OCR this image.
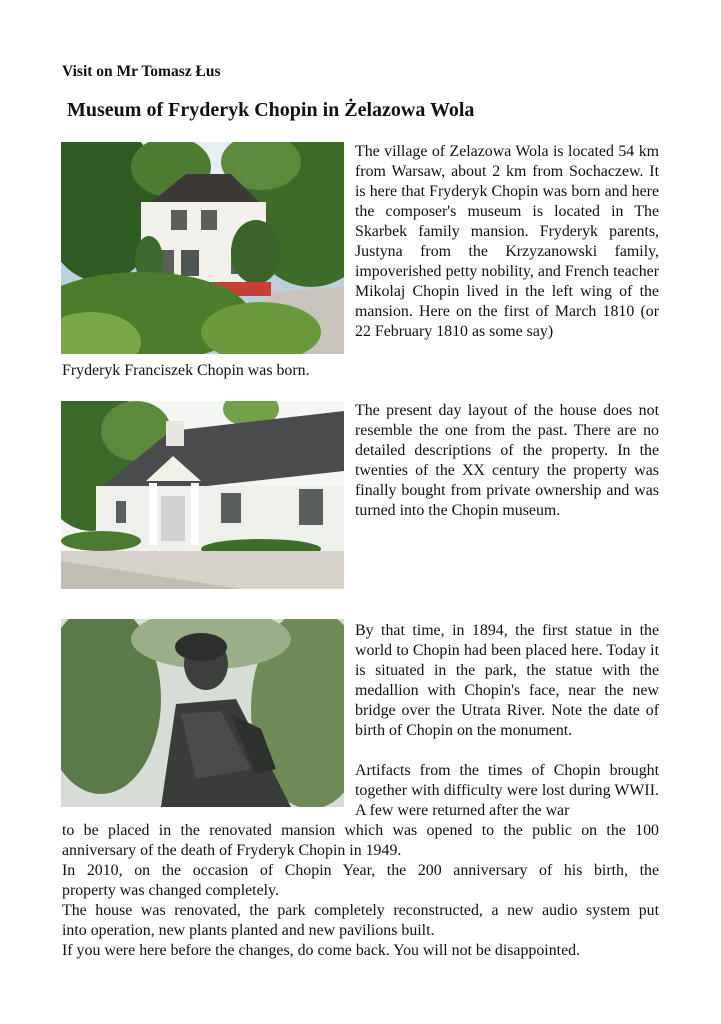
Visit on Mr Tomasz Łus
Museum of Fryderyk Chopin in Żelazowa Wola

The village of Zelazowa Wola is located 54 km from Warsaw, about 2 km from Sochaczew. It is here that Fryderyk Chopin was born and here the composer's museum is located in The Skarbek family mansion. Fryderyk parents, Justyna from the Krzyzanowski family, impoverished petty nobility, and French teacher Mikolaj Chopin lived in the left wing of the mansion. Here on the first of March 1810 (or 22 February 1810 as some say)

Fryderyk Franciszek Chopin was born.

The present day layout of the house does not resemble the one from the past. There are no detailed descriptions of the property. In the twenties of the XX century the property was finally bought from private ownership and was turned into the Chopin museum.

By that time, in 1894, the first statue in the world to Chopin had been placed here. Today it is situated in the park, the statue with the medallion with Chopin's face, near the new bridge over the Utrata River. Note the date of birth of Chopin on the monument.

Artifacts from the times of Chopin brought together with difficulty were lost during WWII. A few were returned after the war

to be placed in the renovated mansion which was opened to the public on the 100

anniversary of the death of Fryderyk Chopin in 1949.

In 2010, on the occasion of Chopin Year, the 200 anniversary of his birth, the

property was changed completely.

The house was renovated, the park completely reconstructed, a new audio system put

into operation, new plants planted and new pavilions built.

If you were here before the changes, do come back. You will not be disappointed.
